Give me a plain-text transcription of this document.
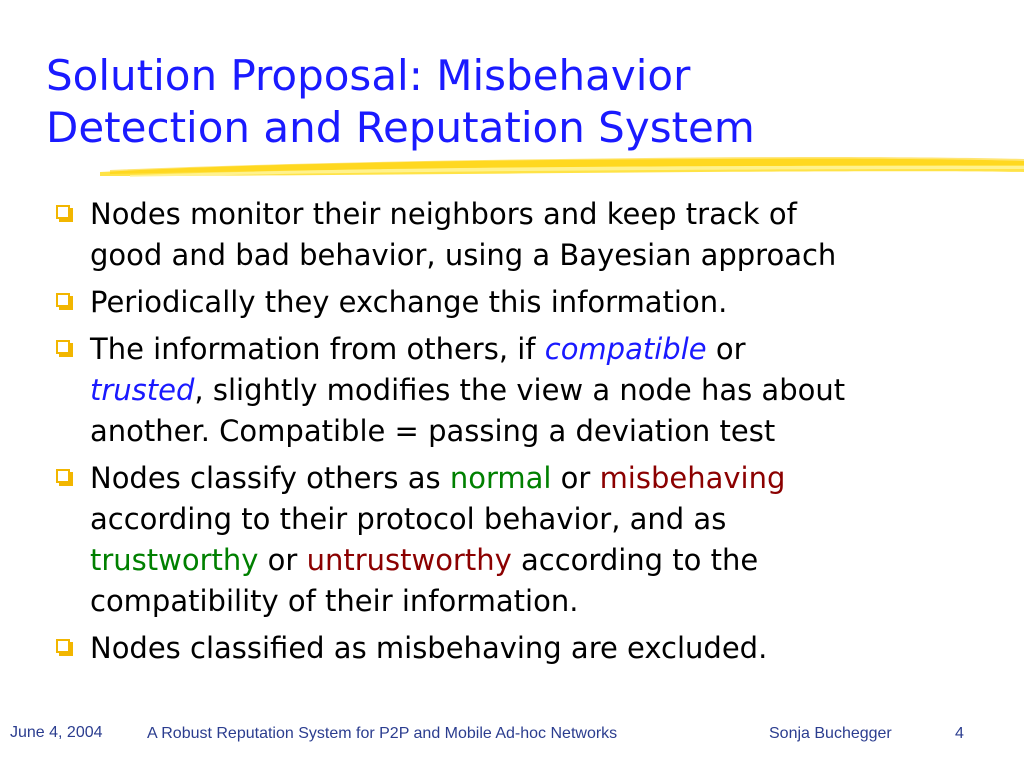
Solution Proposal: Misbehavior
Detection and Reputation System
Nodes monitor their neighbors and keep track of
good and bad behavior, using a Bayesian approach
Periodically they exchange this information.
The information from others, if compatible or
trusted, slightly modifies the view a node has about
another. Compatible = passing a deviation test
Nodes classify others as normal or misbehaving
according to their protocol behavior, and as
trustworthy or untrustworthy according to the
compatibility of their information.
Nodes classified as misbehaving are excluded.
June 4, 2004	A Robust Reputation System for P2P and Mobile Ad-hoc Networks	Sonja Buchegger	4
